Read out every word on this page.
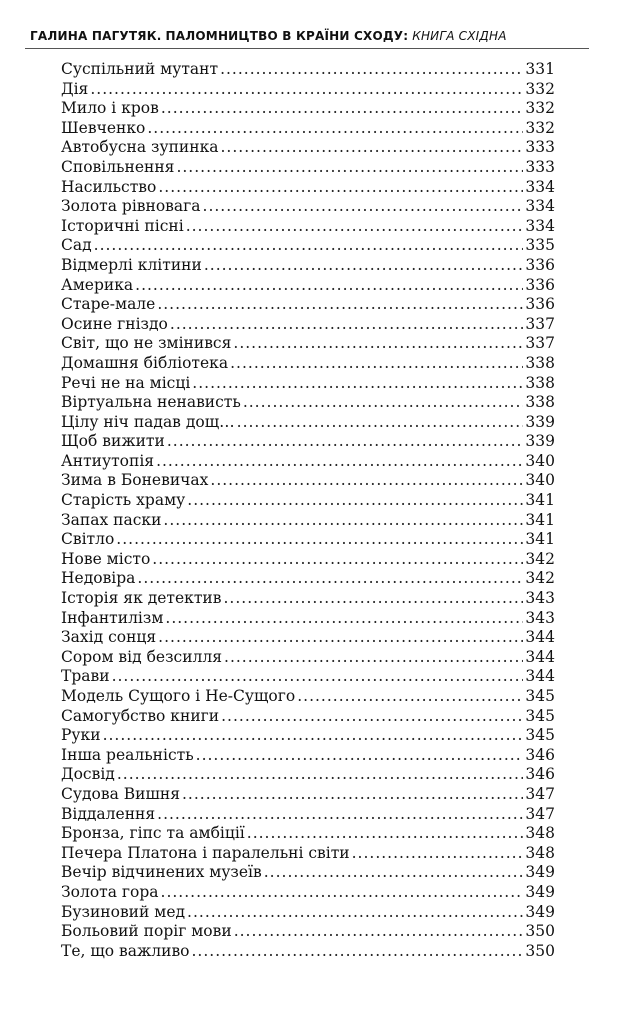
ГАЛИНА ПАГУТЯК. ПАЛОМНИЦТВО В КРАЇНИ СХОДУ: КНИГА СХІДНА
Суспільний мутант .....	331
Дія .....	332
Мило і кров .....	332
Шевченко .....	332
Автобусна зупинка .....	333
Сповільнення .....	333
Насильство .....	334
Золота рівновага .....	334
Історичні пісні .....	334
Сад .....	335
Відмерлі клітини .....	336
Америка .....	336
Старе-мале .....	336
Осине гніздо .....	337
Світ, що не змінився .....	337
Домашня бібліотека .....	338
Речі не на місці .....	338
Віртуальна ненависть .....	338
Цілу ніч падав дощ… .....	339
Щоб вижити .....	339
Антиутопія .....	340
Зима в Боневичах .....	340
Старість храму .....	341
Запах паски .....	341
Світло .....	341
Нове місто .....	342
Недовіра .....	342
Історія як детектив .....	343
Інфантилізм .....	343
Захід сонця .....	344
Сором від безсилля .....	344
Трави .....	344
Модель Сущого і Не-Сущого .....	345
Самогубство книги .....	345
Руки .....	345
Інша реальність .....	346
Досвід .....	346
Судова Вишня .....	347
Віддалення .....	347
Бронза, гіпс та амбіції .....	348
Печера Платона і паралельні світи .....	348
Вечір відчинених музеїв .....	349
Золота гора .....	349
Бузиновий мед .....	349
Больовий поріг мови .....	350
Те, що важливо .....	350
